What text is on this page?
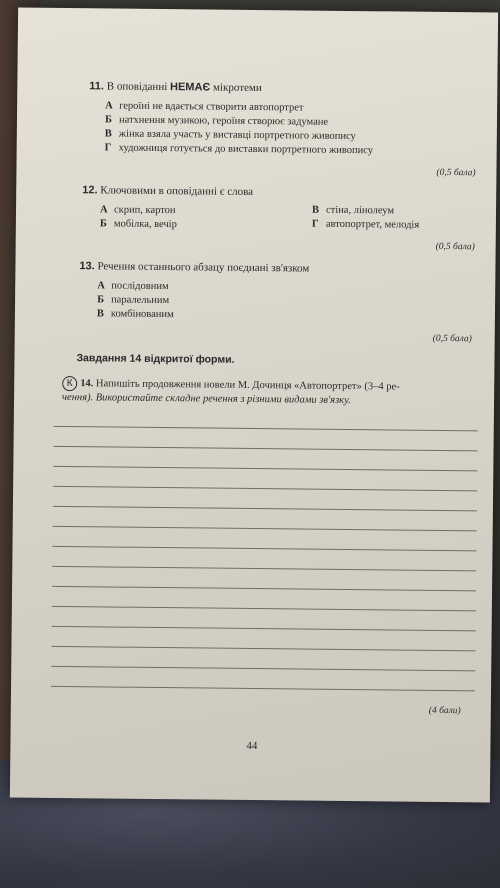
11. В оповіданні НЕМАЄ мікротеми
А героїні не вдається створити автопортрет
Б натхнення музикою, героїня створює задумане
В жінка взяла участь у виставці портретного живопису
Г художниця готується до виставки портретного живопису
(0,5 бала)
12. Ключовими в оповіданні є слова
А скрип, картон
Б мобілка, вечір
В стіна, лінолеум
Г автопортрет, мелодія
(0,5 бала)
13. Речення останнього абзацу поєднані зв'язком
А послідовним
Б паралельним
В комбінованим
(0,5 бала)
Завдання 14 відкритої форми.
К 14. Напишіть продовження новели М. Дочинця «Автопортрет» (3–4 ре-
чення). Використайте складне речення з різними видами зв'язку.
(4 бали)
44
